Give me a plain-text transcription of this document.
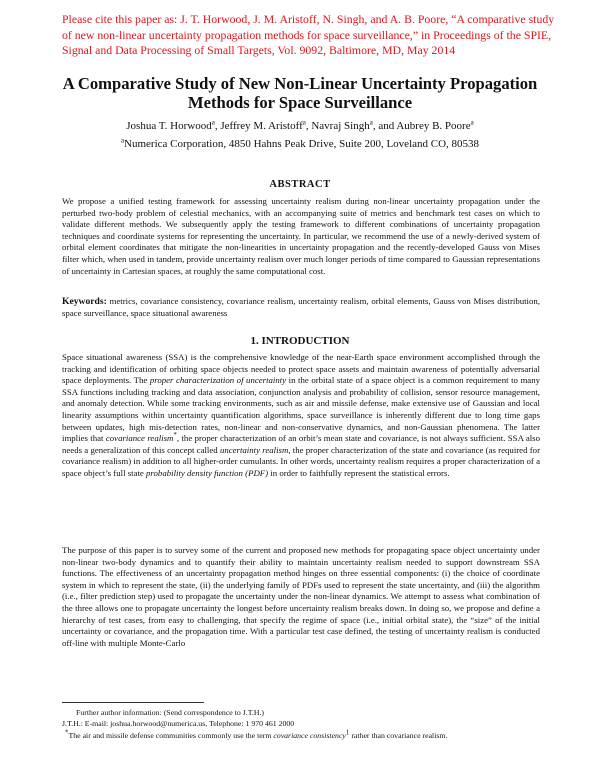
Please cite this paper as: J. T. Horwood, J. M. Aristoff, N. Singh, and A. B. Poore, “A comparative study of new non-linear uncertainty propagation methods for space surveillance,” in Proceedings of the SPIE, Signal and Data Processing of Small Targets, Vol. 9092, Baltimore, MD, May 2014
A Comparative Study of New Non-Linear Uncertainty Propagation Methods for Space Surveillance
Joshua T. Horwood$^a$, Jeffrey M. Aristoff$^a$, Navraj Singh$^a$, and Aubrey B. Poore$^a$
$^a$Numerica Corporation, 4850 Hahns Peak Drive, Suite 200, Loveland CO, 80538
ABSTRACT
We propose a unified testing framework for assessing uncertainty realism during non-linear uncertainty propagation under the perturbed two-body problem of celestial mechanics, with an accompanying suite of metrics and benchmark test cases on which to validate different methods. We subsequently apply the testing framework to different combinations of uncertainty propagation techniques and coordinate systems for representing the uncertainty. In particular, we recommend the use of a newly-derived system of orbital element coordinates that mitigate the non-linearities in uncertainty propagation and the recently-developed Gauss von Mises filter which, when used in tandem, provide uncertainty realism over much longer periods of time compared to Gaussian representations of uncertainty in Cartesian spaces, at roughly the same computational cost.
Keywords: metrics, covariance consistency, covariance realism, uncertainty realism, orbital elements, Gauss von Mises distribution, space surveillance, space situational awareness
1. INTRODUCTION
Space situational awareness (SSA) is the comprehensive knowledge of the near-Earth space environment accomplished through the tracking and identification of orbiting space objects needed to protect space assets and maintain awareness of potentially adversarial space deployments. The proper characterization of uncertainty in the orbital state of a space object is a common requirement to many SSA functions including tracking and data association, conjunction analysis and probability of collision, sensor resource management, and anomaly detection. While some tracking environments, such as air and missile defense, make extensive use of Gaussian and local linearity assumptions within uncertainty quantification algorithms, space surveillance is inherently different due to long time gaps between updates, high mis-detection rates, non-linear and non-conservative dynamics, and non-Gaussian phenomena. The latter implies that covariance realism*, the proper characterization of an orbit’s mean state and covariance, is not always sufficient. SSA also needs a generalization of this concept called uncertainty realism, the proper characterization of the state and covariance (as required for covariance realism) in addition to all higher-order cumulants. In other words, uncertainty realism requires a proper characterization of a space object’s full state probability density function (PDF) in order to faithfully represent the statistical errors.
The purpose of this paper is to survey some of the current and proposed new methods for propagating space object uncertainty under non-linear two-body dynamics and to quantify their ability to maintain uncertainty realism needed to support downstream SSA functions. The effectiveness of an uncertainty propagation method hinges on three essential components: (i) the choice of coordinate system in which to represent the state, (ii) the underlying family of PDFs used to represent the state uncertainty, and (iii) the algorithm (i.e., filter prediction step) used to propagate the uncertainty under the non-linear dynamics. We attempt to assess what combination of the three allows one to propagate uncertainty the longest before uncertainty realism breaks down. In doing so, we propose and define a hierarchy of test cases, from easy to challenging, that specify the regime of space (i.e., initial orbital state), the “size” of the initial uncertainty or covariance, and the propagation time. With a particular test case defined, the testing of uncertainty realism is conducted off-line with multiple Monte-Carlo
Further author information: (Send correspondence to J.T.H.)
J.T.H.: E-mail: joshua.horwood@numerica.us, Telephone: 1 970 461 2000
*The air and missile defense communities commonly use the term covariance consistency$^1$ rather than covariance realism.
